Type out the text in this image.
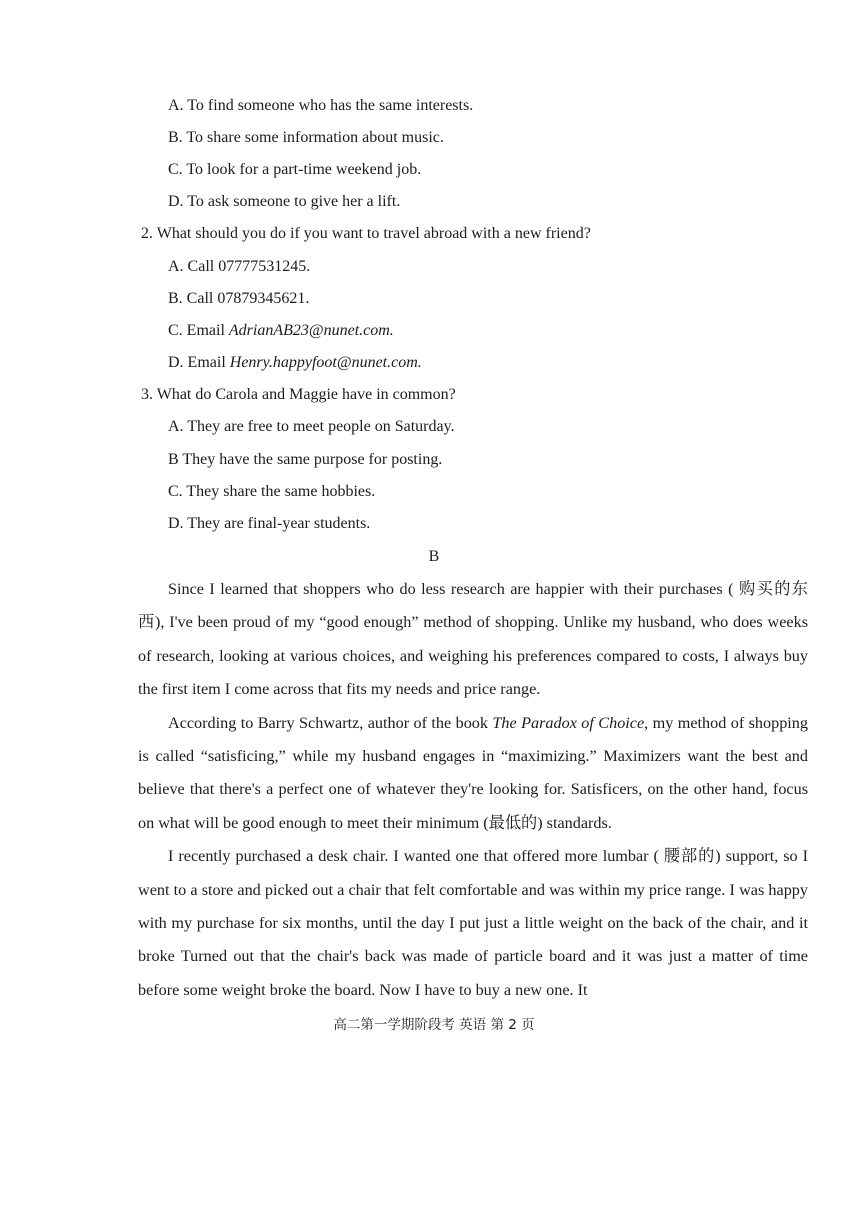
A. To find someone who has the same interests.
B. To share some information about music.
C. To look for a part-time weekend job.
D. To ask someone to give her a lift.
2. What should you do if you want to travel abroad with a new friend?
A. Call 07777531245.
B. Call 07879345621.
C. Email AdrianAB23@nunet.com.
D. Email Henry.happyfoot@nunet.com.
3. What do Carola and Maggie have in common?
A. They are free to meet people on Saturday.
B They have the same purpose for posting.
C. They share the same hobbies.
D. They are final-year students.
B

Since I learned that shoppers who do less research are happier with their purchases ( 购买的东西), I've been proud of my “good enough” method of shopping. Unlike my husband, who does weeks of research, looking at various choices, and weighing his preferences compared to costs, I always buy the first item I come across that fits my needs and price range.

According to Barry Schwartz, author of the book The Paradox of Choice, my method of shopping is called “satisficing,” while my husband engages in “maximizing.” Maximizers want the best and believe that there's a perfect one of whatever they're looking for. Satisficers, on the other hand, focus on what will be good enough to meet their minimum (最低的) standards.

I recently purchased a desk chair. I wanted one that offered more lumbar ( 腰部的) support, so I went to a store and picked out a chair that felt comfortable and was within my price range. I was happy with my purchase for six months, until the day I put just a little weight on the back of the chair, and it broke Turned out that the chair's back was made of particle board and it was just a matter of time before some weight broke the board. Now I have to buy a new one. It

高二第一学期阶段考 英语 第 2 页
